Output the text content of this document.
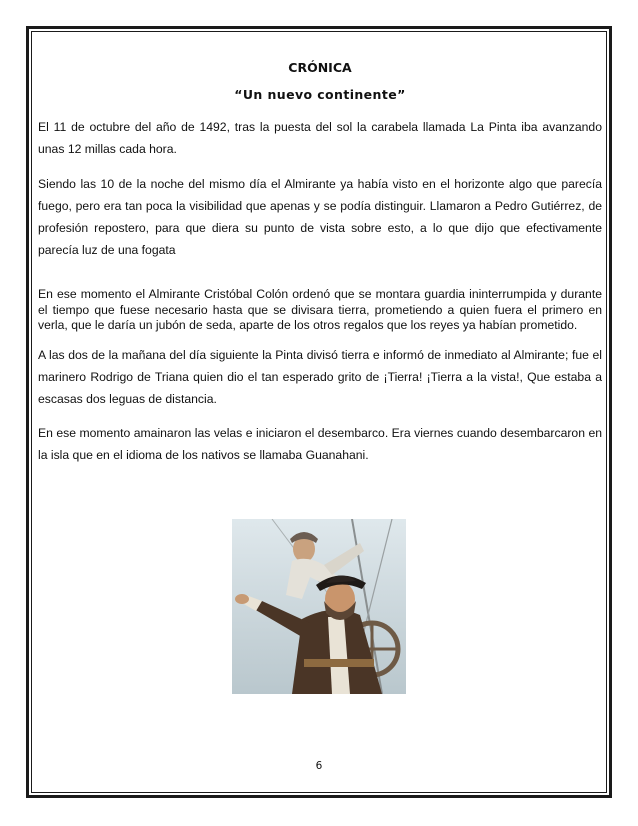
CRÓNICA
“Un nuevo continente”

El 11 de octubre del año de 1492, tras la puesta del sol la carabela llamada La Pinta iba avanzando unas 12 millas cada hora.

Siendo las 10 de la noche del mismo día el Almirante ya había visto en el horizonte algo que parecía fuego, pero era tan poca la visibilidad que apenas y se podía distinguir. Llamaron a Pedro Gutiérrez, de profesión repostero, para que diera su punto de vista sobre esto, a lo que dijo que efectivamente parecía luz de una fogata

En ese momento el Almirante Cristóbal Colón ordenó que se montara guardia ininterrumpida y durante el tiempo que fuese necesario hasta que se divisara tierra, prometiendo a quien fuera el primero en verla, que le daría un jubón de seda, aparte de los otros regalos que los reyes ya habían prometido.

A las dos de la mañana del día siguiente la Pinta divisó tierra e informó de inmediato al Almirante; fue el marinero Rodrigo de Triana quien dio el tan esperado grito de ¡Tierra! ¡Tierra a la vista!, Que estaba a escasas dos leguas de distancia.

En ese momento amainaron las velas e iniciaron el desembarco. Era viernes cuando desembarcaron en la isla que en el idioma de los nativos se llamaba Guanahani.

6
